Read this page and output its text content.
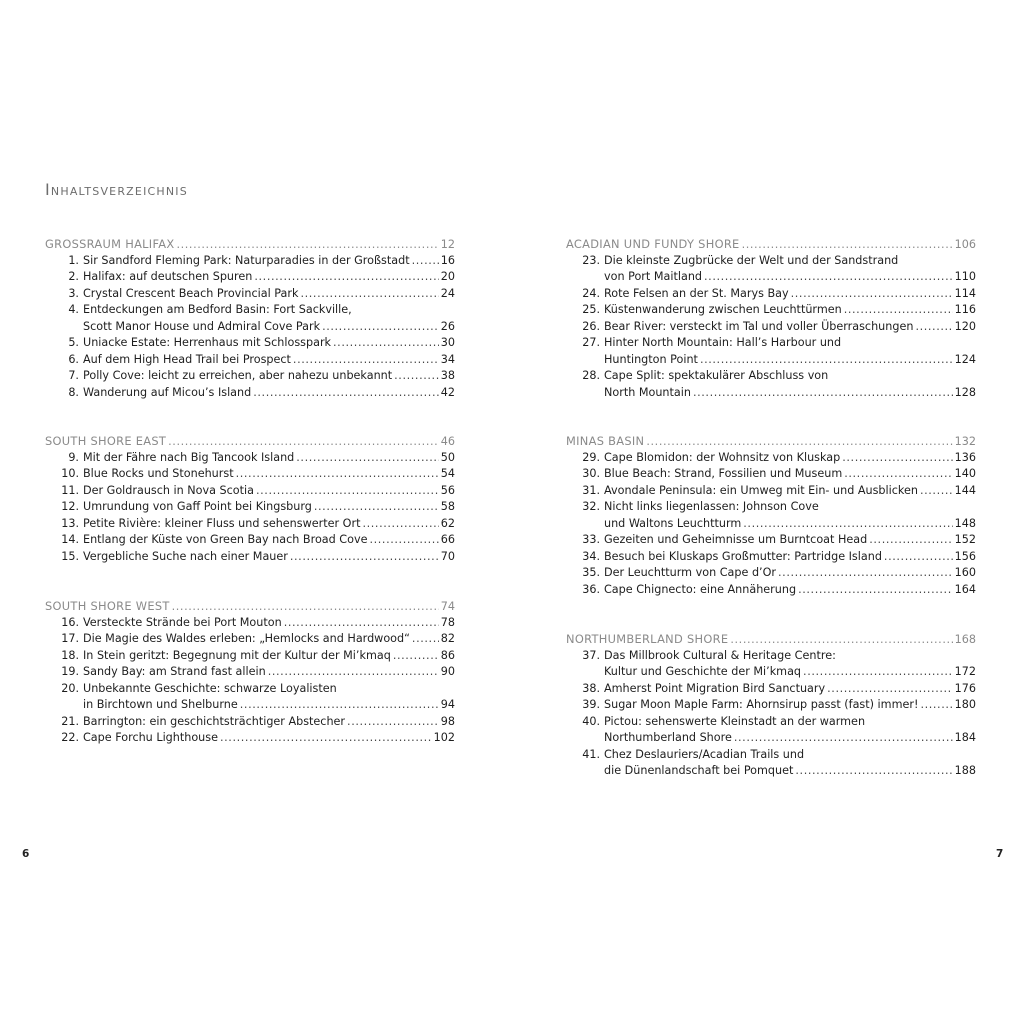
Inhaltsverzeichnis
GROSSRAUM HALIFAX .....	12
1. Sir Sandford Fleming Park: Naturparadies in der Großstadt .....	16
2. Halifax: auf deutschen Spuren .....	20
3. Crystal Crescent Beach Provincial Park .....	24
4. Entdeckungen am Bedford Basin: Fort Sackville,
Scott Manor House und Admiral Cove Park .....	26
5. Uniacke Estate: Herrenhaus mit Schlosspark .....	30
6. Auf dem High Head Trail bei Prospect .....	34
7. Polly Cove: leicht zu erreichen, aber nahezu unbekannt .....	38
8. Wanderung auf Micou’s Island .....	42
SOUTH SHORE EAST .....	46
9. Mit der Fähre nach Big Tancook Island .....	50
10. Blue Rocks und Stonehurst .....	54
11. Der Goldrausch in Nova Scotia .....	56
12. Umrundung von Gaff Point bei Kingsburg .....	58
13. Petite Rivière: kleiner Fluss und sehenswerter Ort .....	62
14. Entlang der Küste von Green Bay nach Broad Cove .....	66
15. Vergebliche Suche nach einer Mauer .....	70
SOUTH SHORE WEST .....	74
16. Versteckte Strände bei Port Mouton .....	78
17. Die Magie des Waldes erleben: „Hemlocks and Hardwood“ .....	82
18. In Stein geritzt: Begegnung mit der Kultur der Mi’kmaq .....	86
19. Sandy Bay: am Strand fast allein .....	90
20. Unbekannte Geschichte: schwarze Loyalisten
in Birchtown und Shelburne .....	94
21. Barrington: ein geschichtsträchtiger Abstecher .....	98
22. Cape Forchu Lighthouse .....	102
ACADIAN UND FUNDY SHORE .....	106
23. Die kleinste Zugbrücke der Welt und der Sandstrand
von Port Maitland .....	110
24. Rote Felsen an der St. Marys Bay .....	114
25. Küstenwanderung zwischen Leuchttürmen .....	116
26. Bear River: versteckt im Tal und voller Überraschungen .....	120
27. Hinter North Mountain: Hall’s Harbour und
Huntington Point .....	124
28. Cape Split: spektakulärer Abschluss von
North Mountain .....	128
MINAS BASIN .....	132
29. Cape Blomidon: der Wohnsitz von Kluskap .....	136
30. Blue Beach: Strand, Fossilien und Museum .....	140
31. Avondale Peninsula: ein Umweg mit Ein- und Ausblicken .....	144
32. Nicht links liegenlassen: Johnson Cove
und Waltons Leuchtturm .....	148
33. Gezeiten und Geheimnisse um Burntcoat Head .....	152
34. Besuch bei Kluskaps Großmutter: Partridge Island .....	156
35. Der Leuchtturm von Cape d’Or .....	160
36. Cape Chignecto: eine Annäherung .....	164
NORTHUMBERLAND SHORE .....	168
37. Das Millbrook Cultural & Heritage Centre:
Kultur und Geschichte der Mi’kmaq .....	172
38. Amherst Point Migration Bird Sanctuary .....	176
39. Sugar Moon Maple Farm: Ahornsirup passt (fast) immer! .....	180
40. Pictou: sehenswerte Kleinstadt an der warmen
Northumberland Shore .....	184
41. Chez Deslauriers/Acadian Trails und
die Dünenlandschaft bei Pomquet .....	188
6	7
